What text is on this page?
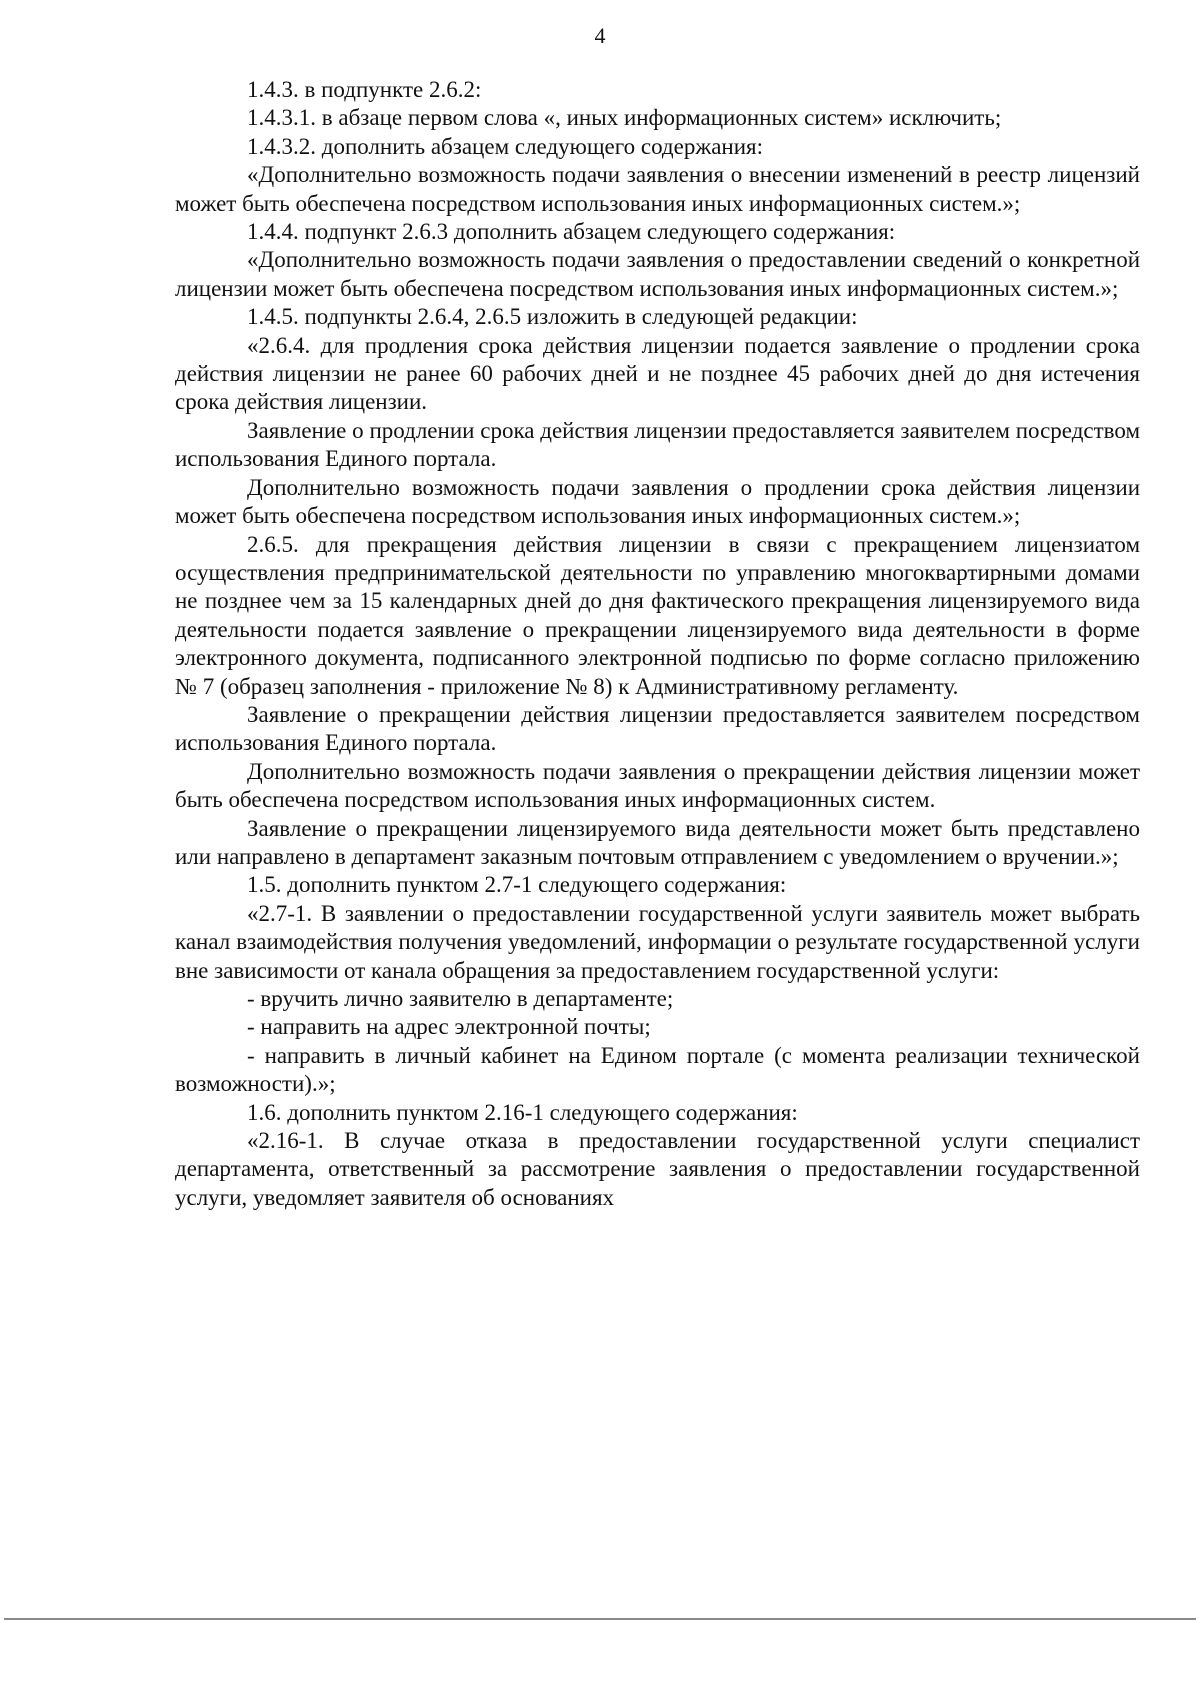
4

1.4.3. в подпункте 2.6.2:

1.4.3.1. в абзаце первом слова «, иных информационных систем» исключить;

1.4.3.2. дополнить абзацем следующего содержания:

«Дополнительно возможность подачи заявления о внесении изменений в реестр лицензий может быть обеспечена посредством использования иных информационных систем.»;

1.4.4. подпункт 2.6.3 дополнить абзацем следующего содержания:

«Дополнительно возможность подачи заявления о предоставлении сведений о конкретной лицензии может быть обеспечена посредством использования иных информационных систем.»;

1.4.5. подпункты 2.6.4, 2.6.5 изложить в следующей редакции:

«2.6.4. для продления срока действия лицензии подается заявление о продлении срока действия лицензии не ранее 60 рабочих дней и не позднее 45 рабочих дней до дня истечения срока действия лицензии.

Заявление о продлении срока действия лицензии предоставляется заявителем посредством использования Единого портала.

Дополнительно возможность подачи заявления о продлении срока действия лицензии может быть обеспечена посредством использования иных информационных систем.»;

2.6.5. для прекращения действия лицензии в связи с прекращением лицензиатом осуществления предпринимательской деятельности по управлению многоквартирными домами не позднее чем за 15 календарных дней до дня фактического прекращения лицензируемого вида деятельности подается заявление о прекращении лицензируемого вида деятельности в форме электронного документа, подписанного электронной подписью по форме согласно приложению № 7 (образец заполнения - приложение № 8) к Административному регламенту.

Заявление о прекращении действия лицензии предоставляется заявителем посредством использования Единого портала.

Дополнительно возможность подачи заявления о прекращении действия лицензии может быть обеспечена посредством использования иных информационных систем.

Заявление о прекращении лицензируемого вида деятельности может быть представлено или направлено в департамент заказным почтовым отправлением с уведомлением о вручении.»;

1.5. дополнить пунктом 2.7-1 следующего содержания:

«2.7-1. В заявлении о предоставлении государственной услуги заявитель может выбрать канал взаимодействия получения уведомлений, информации о результате государственной услуги вне зависимости от канала обращения за предоставлением государственной услуги:

- вручить лично заявителю в департаменте;

- направить на адрес электронной почты;

- направить в личный кабинет на Едином портале (с момента реализации технической возможности).»;

1.6. дополнить пунктом 2.16-1 следующего содержания:

«2.16-1. В случае отказа в предоставлении государственной услуги специалист департамента, ответственный за рассмотрение заявления о предоставлении государственной услуги, уведомляет заявителя об основаниях
